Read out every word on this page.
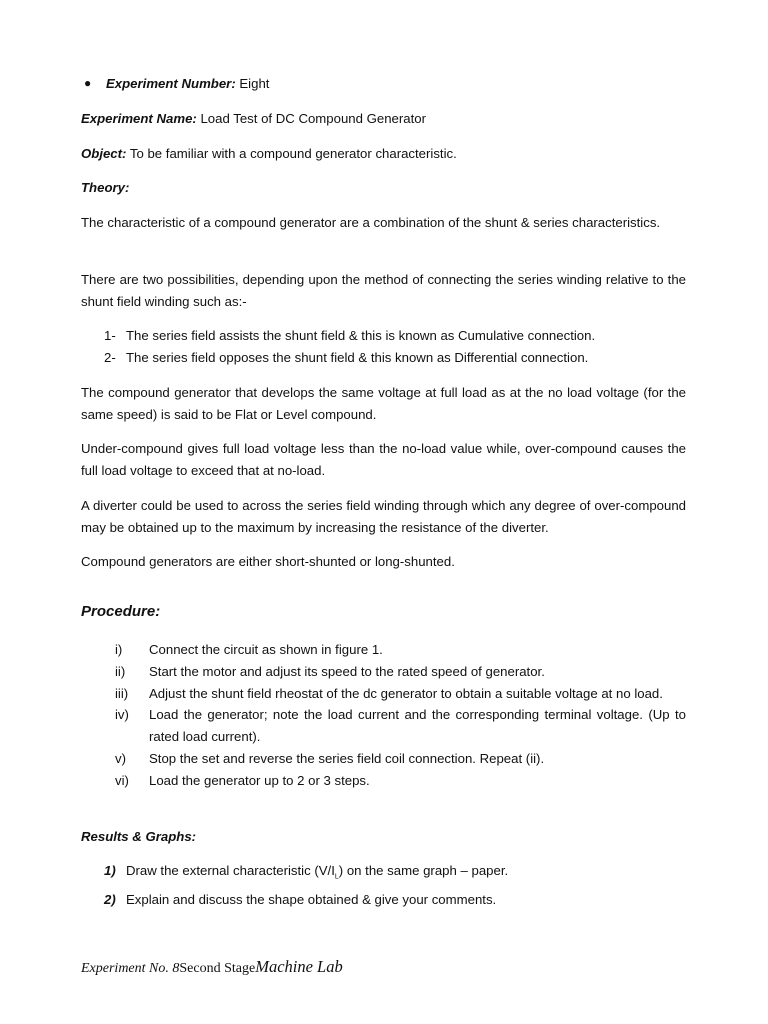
● Experiment Number: Eight
Experiment Name: Load Test of DC Compound Generator
Object: To be familiar with a compound generator characteristic.
Theory:
The characteristic of a compound generator are a combination of the shunt & series characteristics.
There are two possibilities, depending upon the method of connecting the series winding relative to the shunt field winding such as:-
1- The series field assists the shunt field & this is known as Cumulative connection.
2- The series field opposes the shunt field & this known as Differential connection.
The compound generator that develops the same voltage at full load as at the no load voltage (for the same speed) is said to be Flat or Level compound.
Under-compound gives full load voltage less than the no-load value while, over-compound causes the full load voltage to exceed that at no-load.
A diverter could be used to across the series field winding through which any degree of over-compound may be obtained up to the maximum by increasing the resistance of the diverter.
Compound generators are either short-shunted or long-shunted.
Procedure:
i) Connect the circuit as shown in figure 1.
ii) Start the motor and adjust its speed to the rated speed of generator.
iii) Adjust the shunt field rheostat of the dc generator to obtain a suitable voltage at no load.
iv) Load the generator; note the load current and the corresponding terminal voltage. (Up to rated load current).
v) Stop the set and reverse the series field coil connection. Repeat (ii).
vi) Load the generator up to 2 or 3 steps.
Results & Graphs:
1) Draw the external characteristic $(V/I_L)$ on the same graph – paper.
2) Explain and discuss the shape obtained & give your comments.
Experiment No. 8Second StageMachine Lab
